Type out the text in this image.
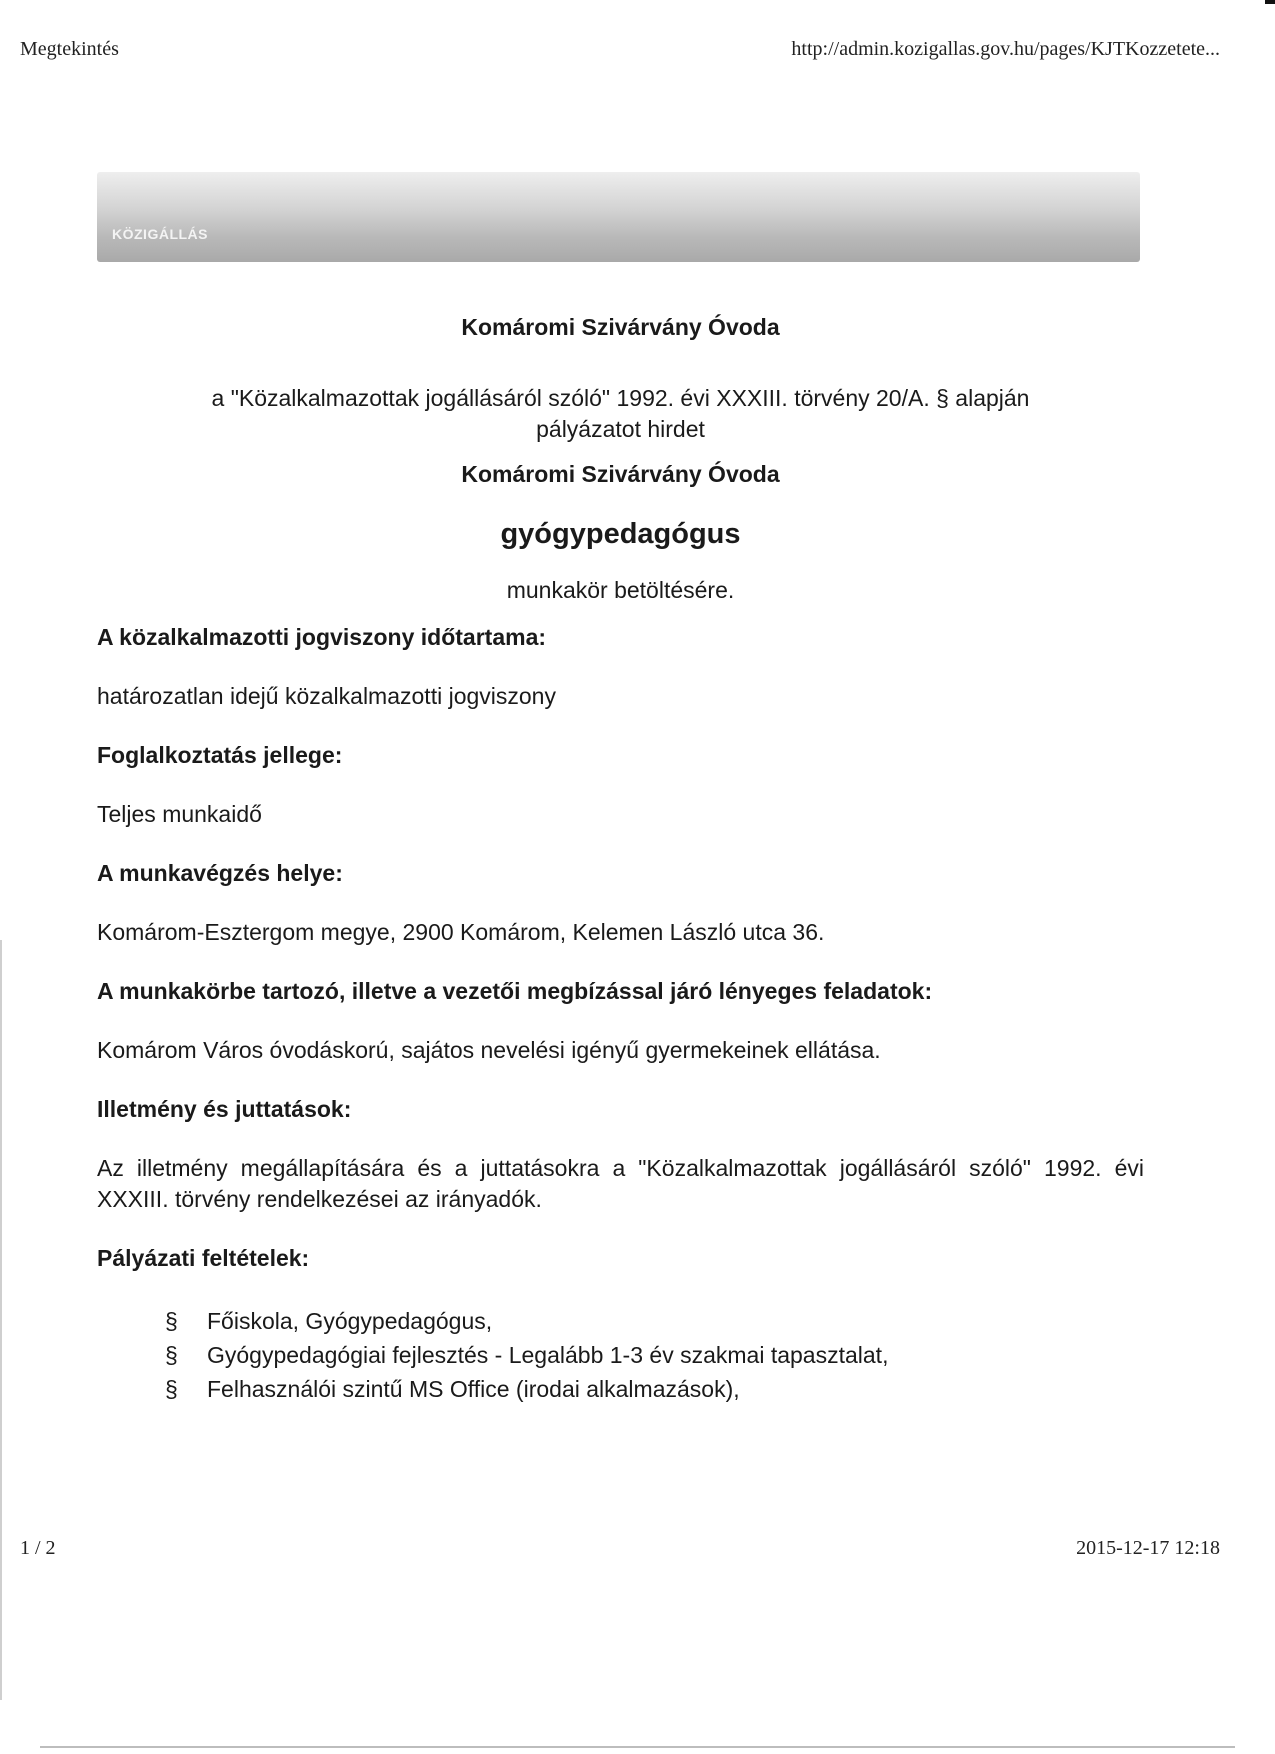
Megtekintés	http://admin.kozigallas.gov.hu/pages/KJTKozzetete...
KÖZIGÁLLÁS

Komáromi Szivárvány Óvoda

a "Közalkalmazottak jogállásáról szóló" 1992. évi XXXIII. törvény 20/A. § alapján
pályázatot hirdet

Komáromi Szivárvány Óvoda

gyógypedagógus

munkakör betöltésére.

A közalkalmazotti jogviszony időtartama:

határozatlan idejű közalkalmazotti jogviszony

Foglalkoztatás jellege:

Teljes munkaidő

A munkavégzés helye:

Komárom-Esztergom megye, 2900 Komárom, Kelemen László utca 36.

A munkakörbe tartozó, illetve a vezetői megbízással járó lényeges feladatok:

Komárom Város óvodáskorú, sajátos nevelési igényű gyermekeinek ellátása.

Illetmény és juttatások:

Az illetmény megállapítására és a juttatásokra a "Közalkalmazottak jogállásáról szóló" 1992. évi XXXIII. törvény rendelkezései az irányadók.

Pályázati feltételek:

§	Főiskola, Gyógypedagógus,
§	Gyógypedagógiai fejlesztés - Legalább 1-3 év szakmai tapasztalat,
§	Felhasználói szintű MS Office (irodai alkalmazások),
1 / 2	2015-12-17 12:18
